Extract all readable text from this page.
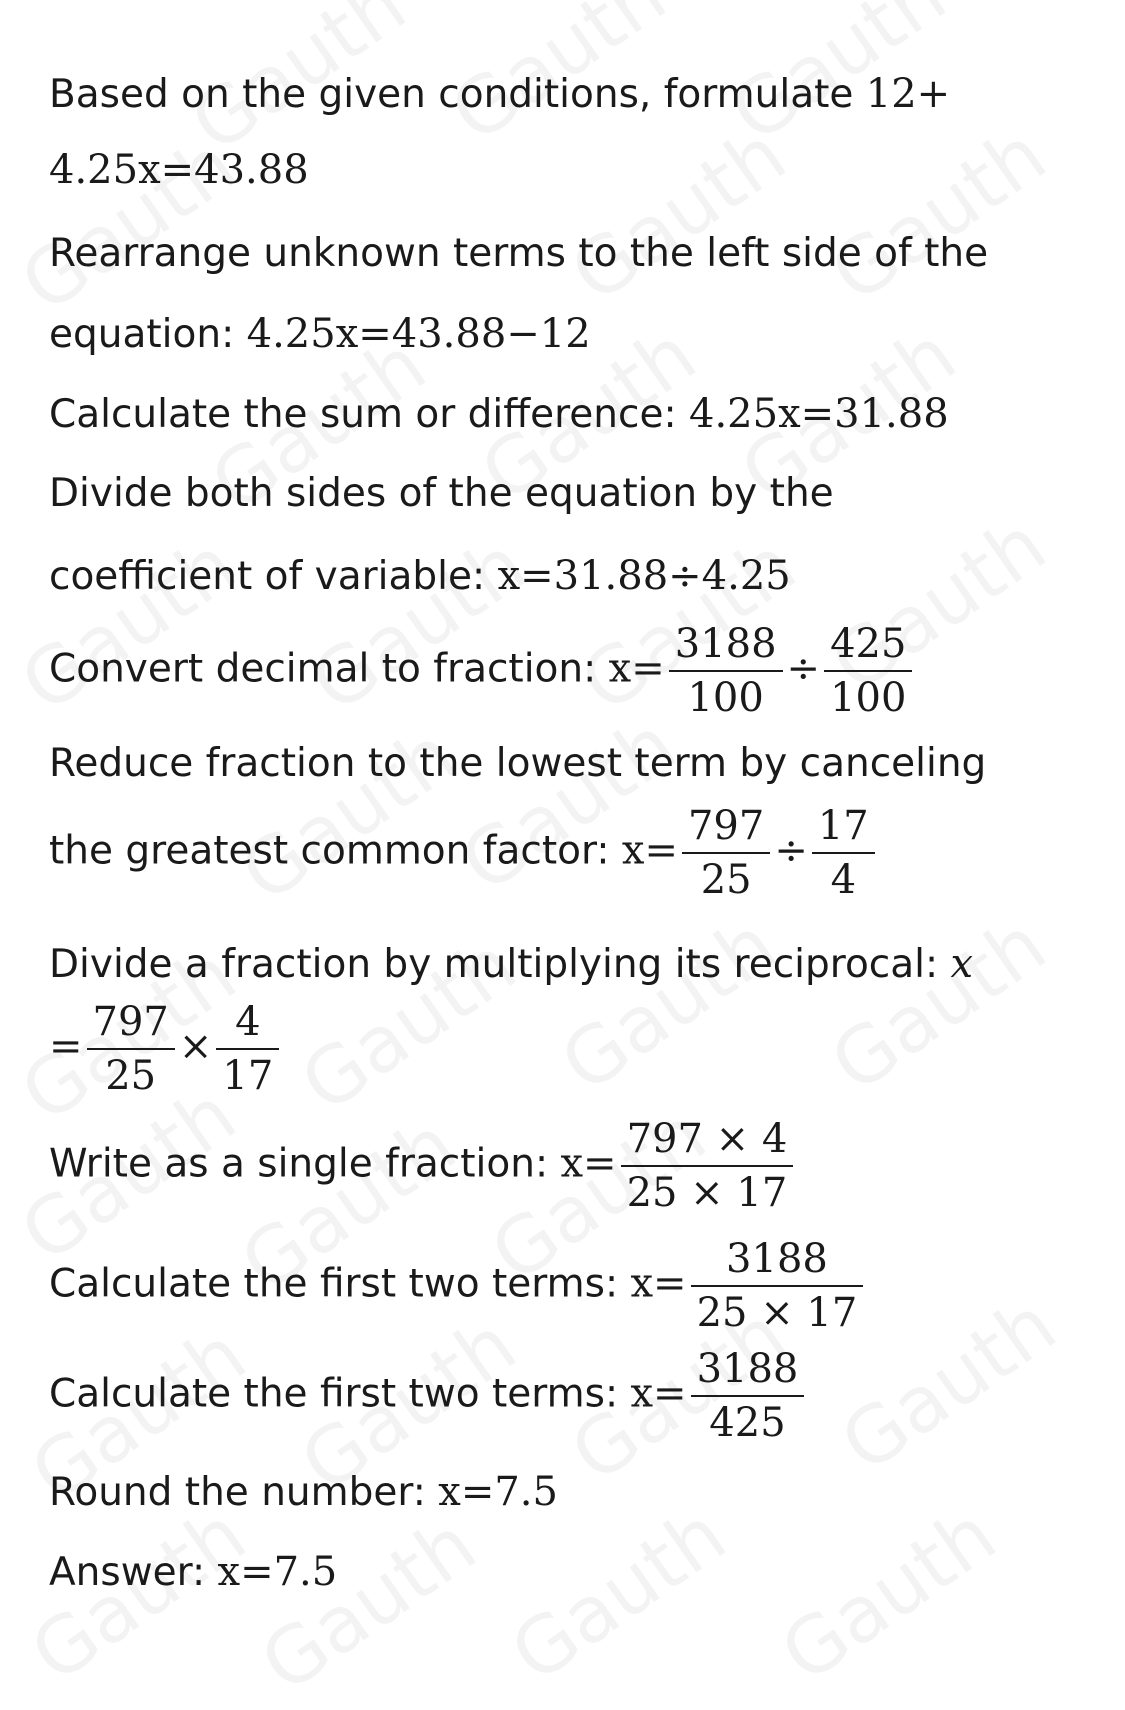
Based on the given conditions, formulate 12+
4.25x=43.88
Rearrange unknown terms to the left side of the
equation: 4.25x=43.88−12
Calculate the sum or difference: 4.25x=31.88
Divide both sides of the equation by the
coefficient of variable: x=31.88÷4.25
Convert decimal to fraction: $x= \frac{3188}{100} \div \frac{425}{100}$
Reduce fraction to the lowest term by canceling
the greatest common factor: $x= \frac{797}{25} \div \frac{17}{4}$
Divide a fraction by multiplying its reciprocal: x
= $\frac{797}{25} \times \frac{4}{17}$
Write as a single fraction: $x= \frac{797 \times 4}{25 \times 17}$
Calculate the first two terms: $x= \frac{3188}{25 \times 17}$
Calculate the first two terms: $x= \frac{3188}{425}$
Round the number: x=7.5
Answer: x=7.5
